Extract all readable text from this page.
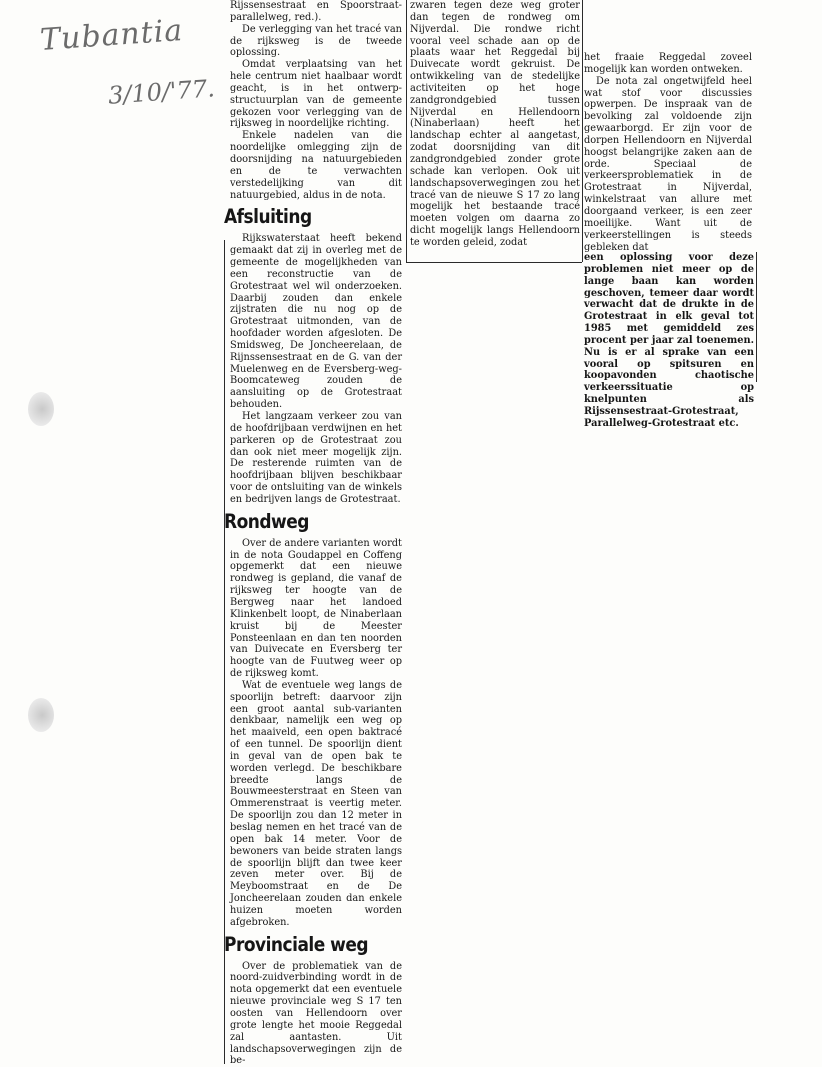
Tubantia
3/10/'77.

Rijssensestraat en Spoorstraat-parallelweg, red.).

De verlegging van het tracé van de rijksweg is de tweede oplossing.

Omdat verplaatsing van het hele centrum niet haalbaar wordt geacht, is in het ontwerp-structuurplan van de gemeente gekozen voor verlegging van de rijksweg in noordelijke richting.

Enkele nadelen van die noordelijke omlegging zijn de doorsnijding na natuurgebieden en de te verwachten verstedelijking van dit natuurgebied, aldus in de nota.

Afsluiting

Rijkswaterstaat heeft bekend gemaakt dat zij in overleg met de gemeente de mogelijkheden van een reconstructie van de Grotestraat wel wil onderzoeken. Daarbij zouden dan enkele zijstraten die nu nog op de Grotestraat uitmonden, van de hoofdader worden afgesloten. De Smidsweg, De Joncheerelaan, de Rijnssensestraat en de G. van der Muelenweg en de Eversberg-weg-Boomcateweg zouden de aansluiting op de Grotestraat behouden.

Het langzaam verkeer zou van de hoofdrijbaan verdwijnen en het parkeren op de Grotestraat zou dan ook niet meer mogelijk zijn. De resterende ruimten van de hoofdrijbaan blijven beschikbaar voor de ontsluiting van de winkels en bedrijven langs de Grotestraat.

Rondweg

Over de andere varianten wordt in de nota Goudappel en Coffeng opgemerkt dat een nieuwe rondweg is gepland, die vanaf de rijksweg ter hoogte van de Bergweg naar het landoed Klinkenbelt loopt, de Ninaberlaan kruist bij de Meester Ponsteenlaan en dan ten noorden van Duivecate en Eversberg ter hoogte van de Fuutweg weer op de rijksweg komt.

Wat de eventuele weg langs de spoorlijn betreft: daarvoor zijn een groot aantal sub-varianten denkbaar, namelijk een weg op het maaiveld, een open baktracé of een tunnel. De spoorlijn dient in geval van de open bak te worden verlegd. De beschikbare breedte langs de Bouwmeesterstraat en Steen van Ommerenstraat is veertig meter. De spoorlijn zou dan 12 meter in beslag nemen en het tracé van de open bak 14 meter. Voor de bewoners van beide straten langs de spoorlijn blijft dan twee keer zeven meter over. Bij de Meyboomstraat en de De Joncheerelaan zouden dan enkele huizen moeten worden afgebroken.

Provinciale weg

Over de problematiek van de noord-zuidverbinding wordt in de nota opgemerkt dat een eventuele nieuwe provinciale weg S 17 ten oosten van Hellendoorn over grote lengte het mooie Reggedal zal aantasten. Uit landschapsoverwegingen zijn de be-

zwaren tegen deze weg groter dan tegen de rondweg om Nijverdal. Die rondwe richt vooral veel schade aan op de plaats waar het Reggedal bij Duivecate wordt gekruist. De ontwikkeling van de stedelijke activiteiten op het hoge zandgrondgebied tussen Nijverdal en Hellendoorn (Ninaberlaan) heeft het landschap echter al aangetast, zodat doorsnijding van dit zandgrondgebied zonder grote schade kan verlopen. Ook uit landschapsoverwegingen zou het tracé van de nieuwe S 17 zo lang mogelijk het bestaande tracé moeten volgen om daarna zo dicht mogelijk langs Hellendoorn te worden geleid, zodat

het fraaie Reggedal zoveel mogelijk kan worden ontweken.

De nota zal ongetwijfeld heel wat stof voor discussies opwerpen. De inspraak van de bevolking zal voldoende zijn gewaarborgd. Er zijn voor de dorpen Hellendoorn en Nijverdal hoogst belangrijke zaken aan de orde. Speciaal de verkeersproblematiek in de Grotestraat in Nijverdal, winkelstraat van allure met doorgaand verkeer, is een zeer moeilijke. Want uit de verkeerstellingen is steeds gebleken dat

een oplossing voor deze problemen niet meer op de lange baan kan worden geschoven, temeer daar wordt verwacht dat de drukte in de Grotestraat in elk geval tot 1985 met gemiddeld zes procent per jaar zal toenemen. Nu is er al sprake van een vooral op spitsuren en koopavonden chaotische verkeerssituatie op knelpunten als Rijssensestraat-Grotestraat, Parallelweg-Grotestraat etc.
